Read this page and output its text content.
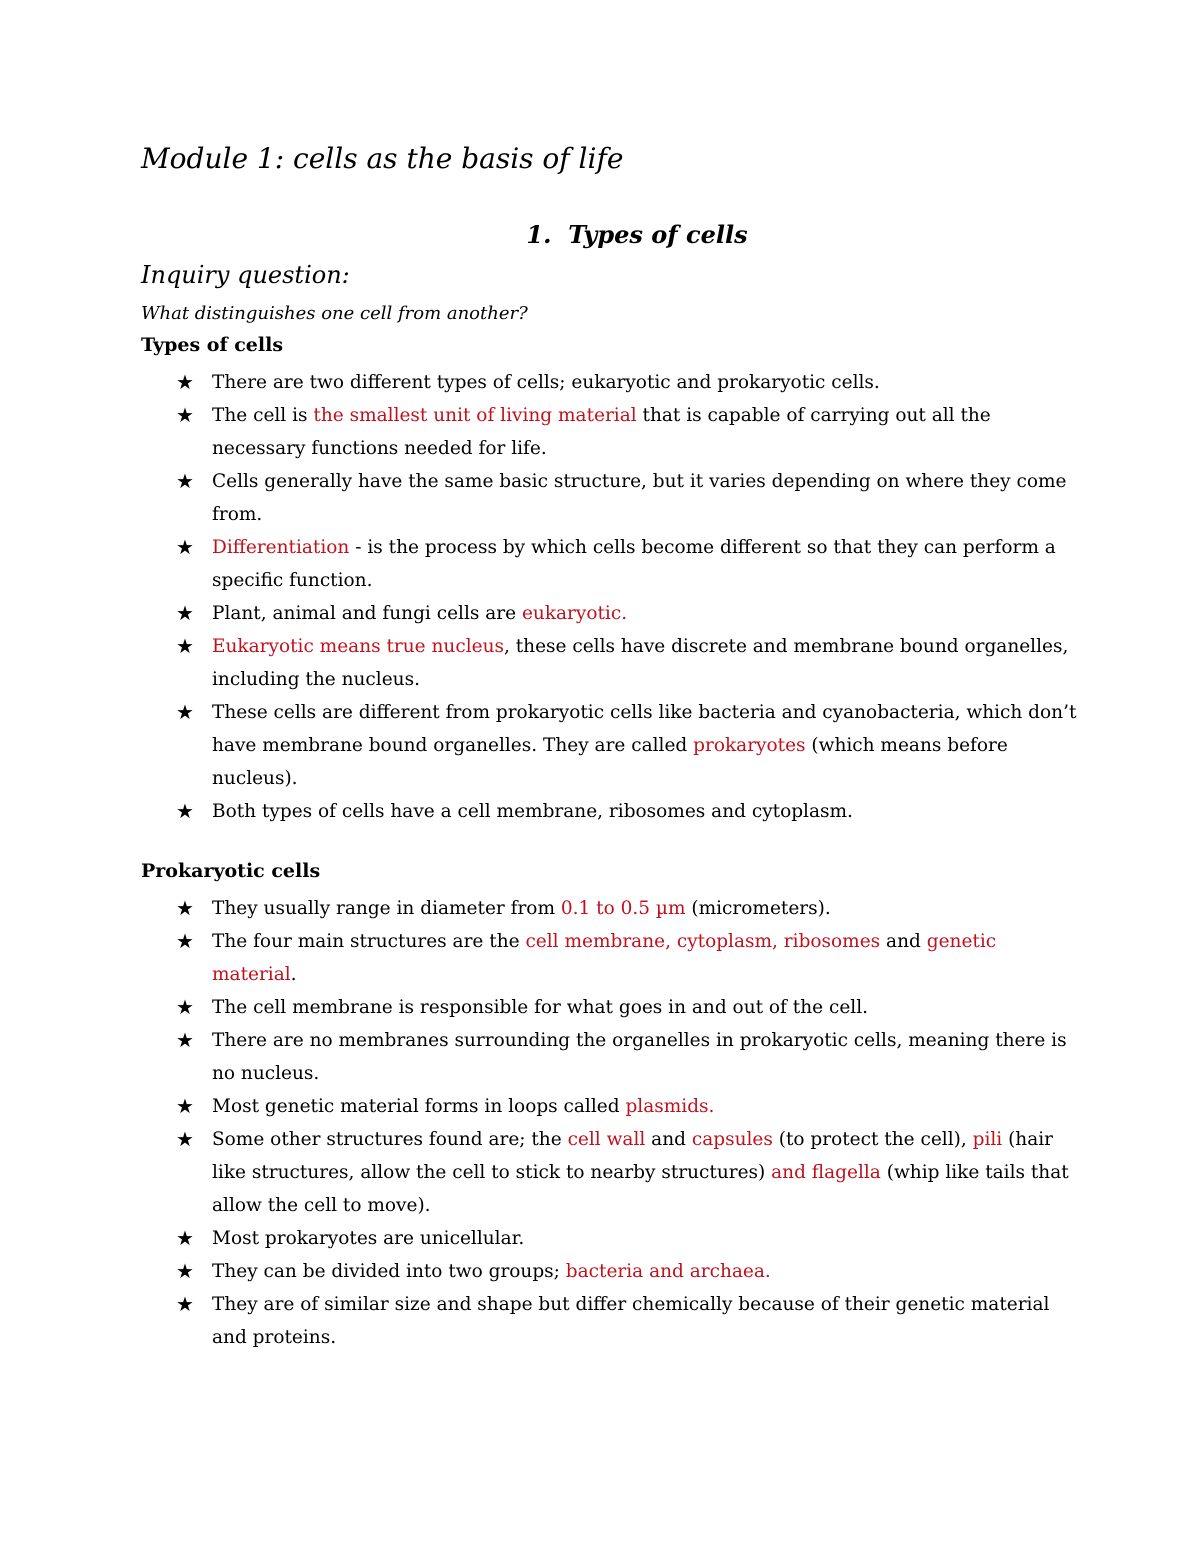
Module 1: cells as the basis of life
1. Types of cells
Inquiry question:
What distinguishes one cell from another?
Types of cells
★ There are two different types of cells; eukaryotic and prokaryotic cells.
★ The cell is the smallest unit of living material that is capable of carrying out all the necessary functions needed for life.
★ Cells generally have the same basic structure, but it varies depending on where they come from.
★ Differentiation - is the process by which cells become different so that they can perform a specific function.
★ Plant, animal and fungi cells are eukaryotic.
★ Eukaryotic means true nucleus, these cells have discrete and membrane bound organelles, including the nucleus.
★ These cells are different from prokaryotic cells like bacteria and cyanobacteria, which don’t have membrane bound organelles. They are called prokaryotes (which means before nucleus).
★ Both types of cells have a cell membrane, ribosomes and cytoplasm.
Prokaryotic cells
★ They usually range in diameter from 0.1 to 0.5 µm (micrometers).
★ The four main structures are the cell membrane, cytoplasm, ribosomes and genetic material.
★ The cell membrane is responsible for what goes in and out of the cell.
★ There are no membranes surrounding the organelles in prokaryotic cells, meaning there is no nucleus.
★ Most genetic material forms in loops called plasmids.
★ Some other structures found are; the cell wall and capsules (to protect the cell), pili (hair like structures, allow the cell to stick to nearby structures) and flagella (whip like tails that allow the cell to move).
★ Most prokaryotes are unicellular.
★ They can be divided into two groups; bacteria and archaea.
★ They are of similar size and shape but differ chemically because of their genetic material and proteins.
